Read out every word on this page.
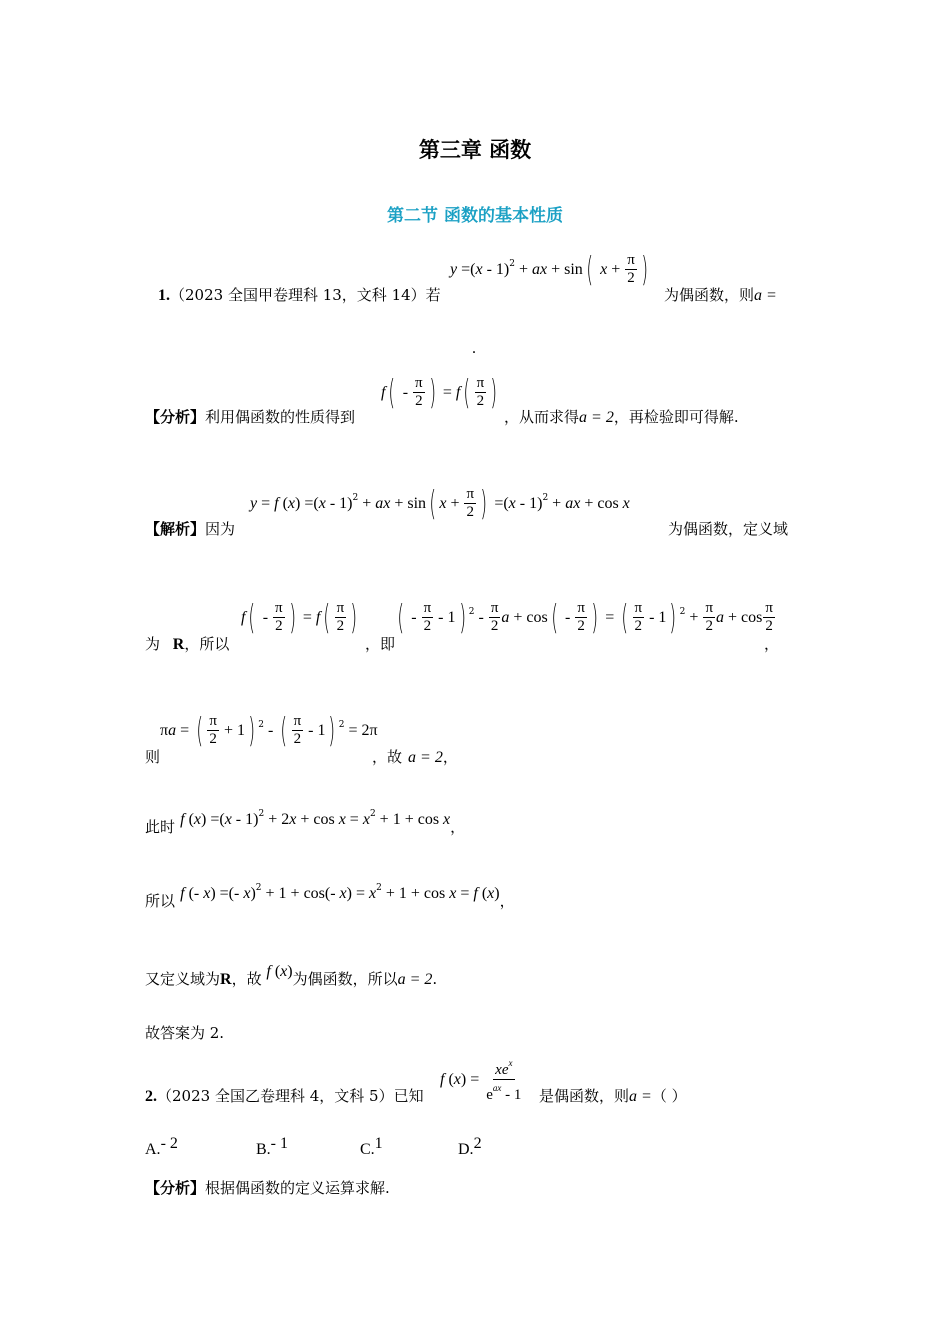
第三章 函数
第二节 函数的基本性质
y =(x - 1)$^2$ + ax + sin( $x + \frac{\pi}{2}$ )
1.（2023 全国甲卷理科 13，文科 14）若	为偶函数，则a =
.
$f( - \frac{\pi}{2}$ ) = $f( \frac{\pi}{2}$ )
【分析】利用偶函数的性质得到	，从而求得a = 2，再检验即可得解.
y = f (x) =(x - 1)$^2$ + ax + sin( $x + \frac{\pi}{2}$ ) =(x - 1)$^2$ + ax + cos x
【解析】因为	为偶函数，定义域
为 R，所以
$f( - \frac{\pi}{2}$ ) = $f( \frac{\pi}{2}$ )
，即
( - $\frac{\pi}{2} - 1$) $^2 - \frac{\pi}{2}$ $a + \cos( - \frac{\pi}{2}$ ) = ( $\frac{\pi}{2} - 1$) $^2 + \frac{\pi}{2}$ $a + \cos \frac{\pi}{2}$
，
πa = ( $\frac{\pi}{2} + 1$) $^2$ - ( $\frac{\pi}{2} - 1$) $^2$ = 2π
则	，故 a = 2，
此时 f $(x) =(x - 1)^2 + 2x + \cos x = x^2 + 1 + \cos x$，
所以 f (- x) =(- x)$^2$ + 1 + cos(- $x) = x^2 + 1 + \cos x = f$ (x)，
又定义域为R，故 f (x)为偶函数，所以a = 2.
故答案为 2.
f $(x) = \frac{xe^x}{e^{ax} - 1}$
2.（2023 全国乙卷理科 4，文科 5）已知	是偶函数，则a =（ ）
A.- 2	B.- 1	C.1	D.2
【分析】根据偶函数的定义运算求解.
